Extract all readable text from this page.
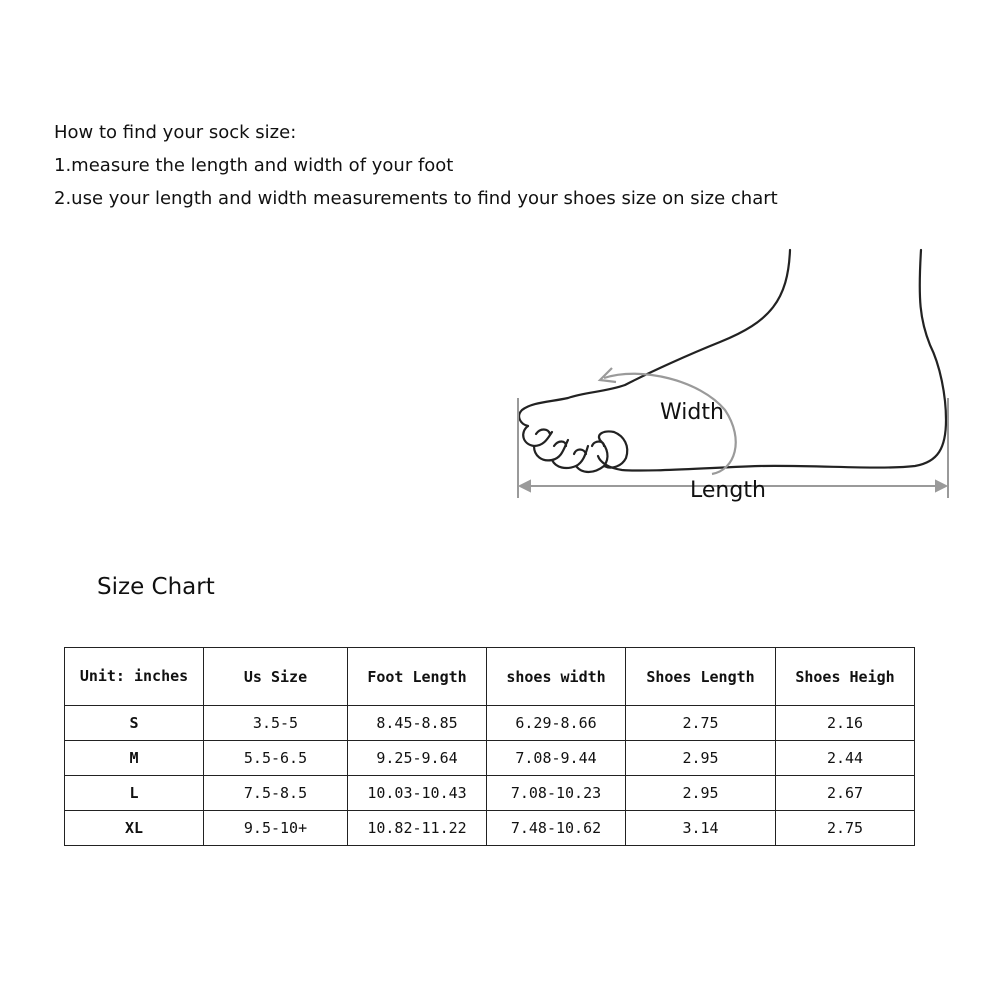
How to find your sock size:
1.measure the length and width of your foot
2.use your length and width measurements to find your shoes size on size chart
Width
Length
Size Chart
Unit: inches	Us Size	Foot Length	shoes width	Shoes Length	Shoes Heigh
S	3.5-5	8.45-8.85	6.29-8.66	2.75	2.16
M	5.5-6.5	9.25-9.64	7.08-9.44	2.95	2.44
L	7.5-8.5	10.03-10.43	7.08-10.23	2.95	2.67
XL	9.5-10+	10.82-11.22	7.48-10.62	3.14	2.75
